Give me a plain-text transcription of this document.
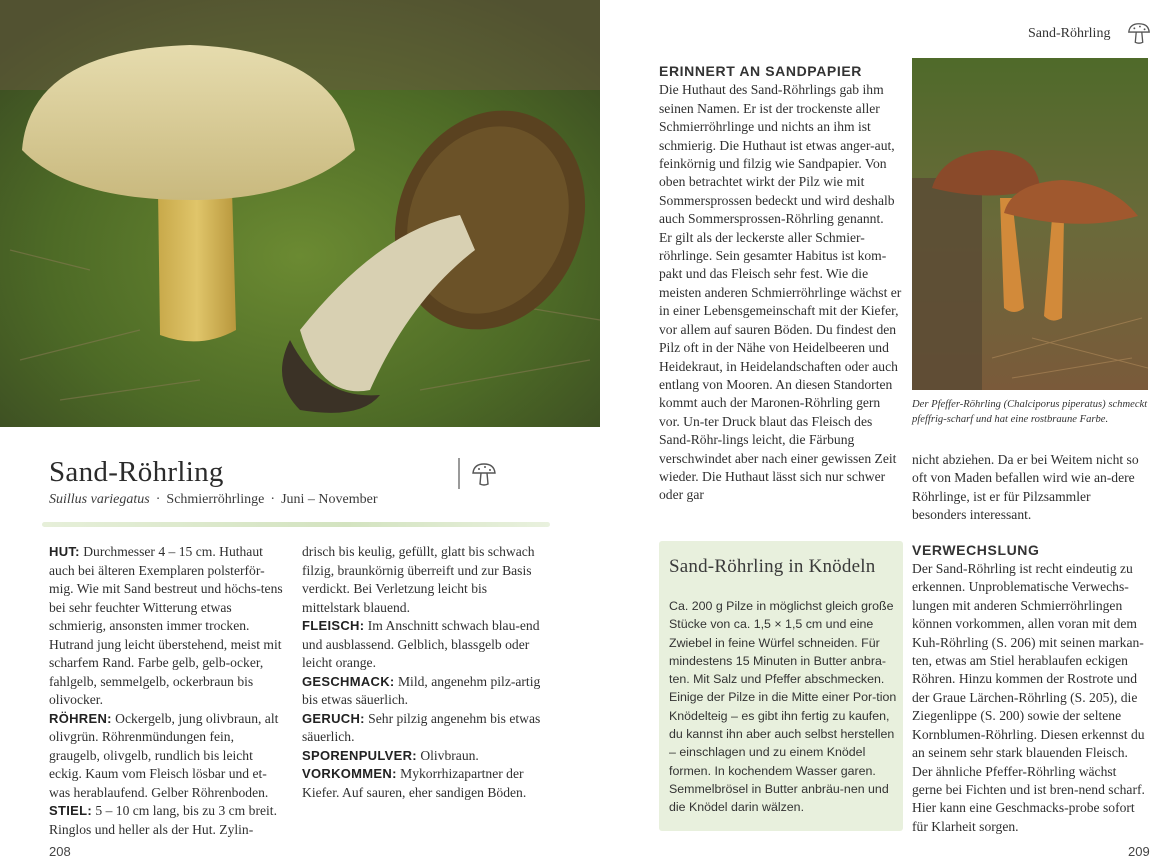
Sand-Röhrling
Suillus variegatus · Schmierröhrlinge · Juni – November

HUT: Durchmesser 4 – 15 cm. Huthaut auch bei älteren Exemplaren polsterför-mig. Wie mit Sand bestreut und höchs-tens bei sehr feuchter Witterung etwas schmierig, ansonsten immer trocken. Hutrand jung leicht überstehend, meist mit scharfem Rand. Farbe gelb, gelb-ocker, fahlgelb, semmelgelb, ockerbraun bis olivocker.

RÖHREN: Ockergelb, jung olivbraun, alt olivgrün. Röhrenmündungen fein, graugelb, olivgelb, rundlich bis leicht eckig. Kaum vom Fleisch lösbar und et-was herablaufend. Gelber Röhrenboden.

STIEL: 5 – 10 cm lang, bis zu 3 cm breit. Ringlos und heller als der Hut. Zylin-

drisch bis keulig, gefüllt, glatt bis schwach filzig, braunkörnig überreift und zur Basis verdickt. Bei Verletzung leicht bis mittelstark blauend.

FLEISCH: Im Anschnitt schwach blau-end und ausblassend. Gelblich, blassgelb oder leicht orange.

GESCHMACK: Mild, angenehm pilz-artig bis etwas säuerlich.

GERUCH: Sehr pilzig angenehm bis etwas säuerlich.

SPORENPULVER: Olivbraun.

VORKOMMEN: Mykorrhizapartner der Kiefer. Auf sauren, eher sandigen Böden.

208
Sand-Röhrling
ERINNERT AN SANDPAPIER

Die Huthaut des Sand-Röhrlings gab ihm seinen Namen. Er ist der trockenste aller Schmierröhrlinge und nichts an ihm ist schmierig. Die Huthaut ist etwas anger-aut, feinkörnig und filzig wie Sandpapier. Von oben betrachtet wirkt der Pilz wie mit Sommersprossen bedeckt und wird deshalb auch Sommersprossen-Röhrling genannt.

Er gilt als der leckerste aller Schmier-röhrlinge. Sein gesamter Habitus ist kom-pakt und das Fleisch sehr fest. Wie die meisten anderen Schmierröhrlinge wächst er in einer Lebensgemeinschaft mit der Kiefer, vor allem auf sauren Böden. Du findest den Pilz oft in der Nähe von Heidelbeeren und Heidekraut, in Heidelandschaften oder auch entlang von Mooren. An diesen Standorten kommt auch der Maronen-Röhrling gern vor. Un-ter Druck blaut das Fleisch des Sand-Röhr-lings leicht, die Färbung verschwindet aber nach einer gewissen Zeit wieder. Die Huthaut lässt sich nur schwer oder gar

Der Pfeffer-Röhrling (Chalciporus piperatus) schmeckt pfeffrig-scharf und hat eine rostbraune Farbe.

nicht abziehen. Da er bei Weitem nicht so oft von Maden befallen wird wie an-dere Röhrlinge, ist er für Pilzsammler besonders interessant.

VERWECHSLUNG

Der Sand-Röhrling ist recht eindeutig zu erkennen. Unproblematische Verwechs-lungen mit anderen Schmierröhrlingen können vorkommen, allen voran mit dem Kuh-Röhrling (S. 206) mit seinen markan-ten, etwas am Stiel herablaufen eckigen Röhren. Hinzu kommen der Rostrote und der Graue Lärchen-Röhrling (S. 205), die Ziegenlippe (S. 200) sowie der seltene Kornblumen-Röhrling. Diesen erkennst du an seinem sehr stark blauenden Fleisch. Der ähnliche Pfeffer-Röhrling wächst gerne bei Fichten und ist bren-nend scharf. Hier kann eine Geschmacks-probe sofort für Klarheit sorgen.

Sand-Röhrling in Knödeln
Ca. 200 g Pilze in möglichst gleich große Stücke von ca. 1,5 × 1,5 cm und eine Zwiebel in feine Würfel schneiden. Für mindestens 15 Minuten in Butter anbra-ten. Mit Salz und Pfeffer abschmecken. Einige der Pilze in die Mitte einer Por-tion Knödelteig – es gibt ihn fertig zu kaufen, du kannst ihn aber auch selbst herstellen – einschlagen und zu einem Knödel formen. In kochendem Wasser garen. Semmelbrösel in Butter anbräu-nen und die Knödel darin wälzen.
209
